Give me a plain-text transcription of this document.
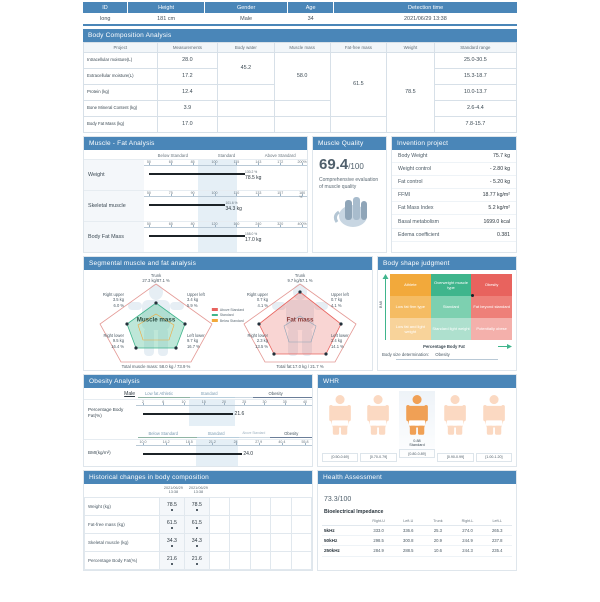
ID	Height	Gender	Age	Detection time
long	181 cm	Male	34	2021/06/29 13:38
Body Composition Analysis
Project	Measurements	Body water	Muscle mass	Fat-free mass	Weight	Standard range
Intracellular moisture(L)	28.0	45.2	58.0	61.5	78.5	25.0-30.5
Extracellular moisture(L)	17.2					15.3-18.7
Protein (kg)	12.4					10.0-13.7
Bone Mineral Content (kg)	3.9					2.6-4.4
Body Fat Mass (kg)	17.0					7.8-15.7
Muscle - Fat Analysis
Below Standard	Standard	Above Standard
Weight
50	65	85	100	115	143	172	200%
130.2 %
78.5 kg
Skeletal muscle
50	75	90	100	110	133	157	180 %
101.6 %
34.3 kg
Body Fat Mass
50	65	80	120	160	240	320	400%
158.0 %
17.0 kg
Muscle Quality
69.4/100
Comprehensive evaluation of muscle quality
Invention project
Body Weight	75.7 kg
Weight control	- 2.80 kg
Fat control	- 5.20 kg
FFMI	18.77 kg/m²
Fat Mass Index	5.2 kg/m²
Basal metabolism	1699.0 kcal
Edema coefficient	0.381
Segmental muscle and fat analysis
Trunk
27.3 kg/87.1 %
Right upper
3.5 kg
6.0 %
Upper left
3.4 kg
5.9 %
Right lower
9.5 kg
16.4 %
Left lower
9.7 kg
16.7 %
Muscle mass
Total muscle mass: 58.0 kg / 73.9 %
Above Standard
Standard
Below Standard
Trunk
9.7 kg/57.1 %
Right upper
0.7 kg
4.1 %
Upper left
0.7 kg
4.1 %
Right lower
2.3 kg
13.5 %
Left lower
2.4 kg
14.1 %
Fat mass
Total fat:17.0 kg / 21.7 %
Body shape judgment
BMI
Athlete	Overweight muscle type	Obesity
Low fat firm type	Standard	Fat beyond standard
Low fat and light weight	Standard light weight	Potentially obese
Percentage Body Fat
Body size determination: Obesity
Obesity Analysis
Male	Low fat Athletic	Standard	Obesity
Percentage Body Fat(%)
2	6	10	15	20	25	30	35	40
21.6
Below Standard	Standard	Above Standard	Obesity
BMI(kg/m²)
10.0	14.2	18.5	21.2	24	27.9	40.4	55.8
24.0
WHR
[0.50-0.69]	[0.70-0.79]
0.88
Standard
[0.80-0.89]
[0.90-0.99]	[1.00-1.20]
Historical changes in body composition
	2021/06/29
13:38	2021/06/29
13:38					
Weight (kg)	78.5	78.5

Fat-free mass (kg)	61.5	61.5

Skeletal muscle (kg)	34.3	34.3

Percentage Body Fat(%)	21.6	21.6

Health Assessment
73.3/100
Bioelectrical Impedance
	Right-U	Left-U	Trunk	Right-L	Left-L
5kHz	333.0	336.6	25.3	274.0	265.3
50kHz	298.5	300.8	20.9	244.9	237.8
250kHz	284.9	288.5	10.6	244.3	235.4
